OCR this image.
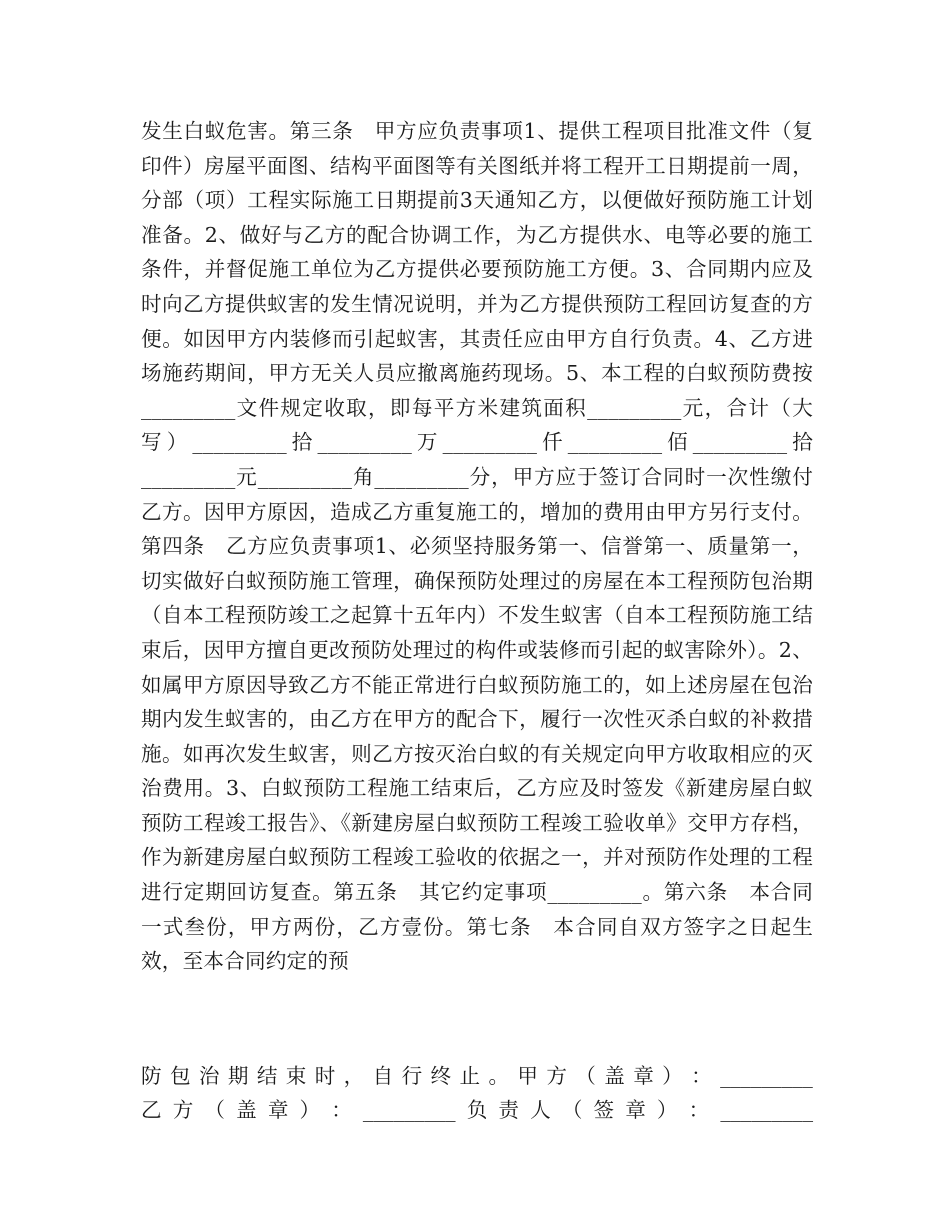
发生白蚁危害。第三条　甲方应负责事项1、提供工程项目批准文件（复印件）房屋平面图、结构平面图等有关图纸并将工程开工日期提前一周，分部（项）工程实际施工日期提前3天通知乙方，以便做好预防施工计划准备。2、做好与乙方的配合协调工作，为乙方提供水、电等必要的施工条件，并督促施工单位为乙方提供必要预防施工方便。3、合同期内应及时向乙方提供蚁害的发生情况说明，并为乙方提供预防工程回访复查的方便。如因甲方内装修而引起蚁害，其责任应由甲方自行负责。4、乙方进场施药期间，甲方无关人员应撤离施药现场。5、本工程的白蚁预防费按_________文件规定收取，即每平方米建筑面积_________元，合计（大写）_________拾_________万_________仟_________佰_________拾_________元_________角_________分，甲方应于签订合同时一次性缴付乙方。因甲方原因，造成乙方重复施工的，增加的费用由甲方另行支付。第四条　乙方应负责事项1、必须坚持服务第一、信誉第一、质量第一，切实做好白蚁预防施工管理，确保预防处理过的房屋在本工程预防包治期（自本工程预防竣工之起算十五年内）不发生蚁害（自本工程预防施工结束后，因甲方擅自更改预防处理过的构件或装修而引起的蚁害除外）。2、如属甲方原因导致乙方不能正常进行白蚁预防施工的，如上述房屋在包治期内发生蚁害的，由乙方在甲方的配合下，履行一次性灭杀白蚁的补救措施。如再次发生蚁害，则乙方按灭治白蚁的有关规定向甲方收取相应的灭治费用。3、白蚁预防工程施工结束后，乙方应及时签发《新建房屋白蚁预防工程竣工报告》、《新建房屋白蚁预防工程竣工验收单》交甲方存档，作为新建房屋白蚁预防工程竣工验收的依据之一，并对预防作处理的工程进行定期回访复查。第五条　其它约定事项_________。第六条　本合同一式叁份，甲方两份，乙方壹份。第七条　本合同自双方签字之日起生效，至本合同约定的预

防 包 治 期 结 束 时 ， 自 行 终 止 。 甲 方 （ 盖 章 ） ： _________
乙 方 （ 盖 章 ） ： _________ 负 责 人 （ 签 章 ） ： _________
